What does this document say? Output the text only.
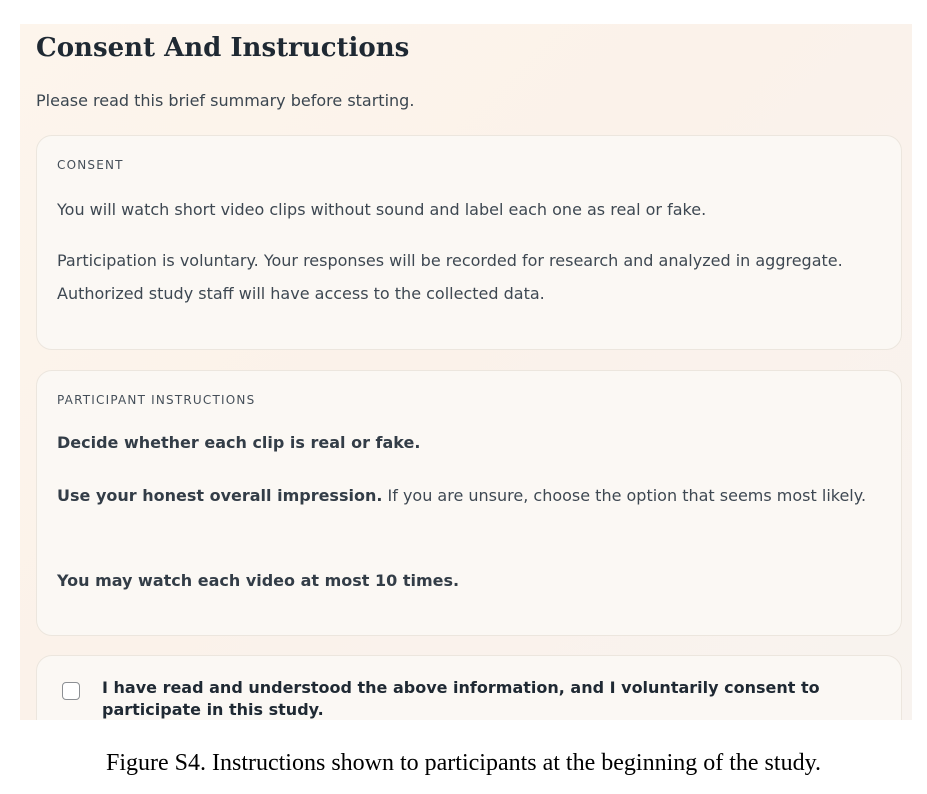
Consent And Instructions

Please read this brief summary before starting.

CONSENT

You will watch short video clips without sound and label each one as real or fake.

Participation is voluntary. Your responses will be recorded for research and analyzed in aggregate. Authorized study staff will have access to the collected data.

PARTICIPANT INSTRUCTIONS

Decide whether each clip is real or fake.

Use your honest overall impression. If you are unsure, choose the option that seems most likely.

You may watch each video at most 10 times.

I have read and understood the above information, and I voluntarily consent to participate in this study.

Figure S4. Instructions shown to participants at the beginning of the study.
